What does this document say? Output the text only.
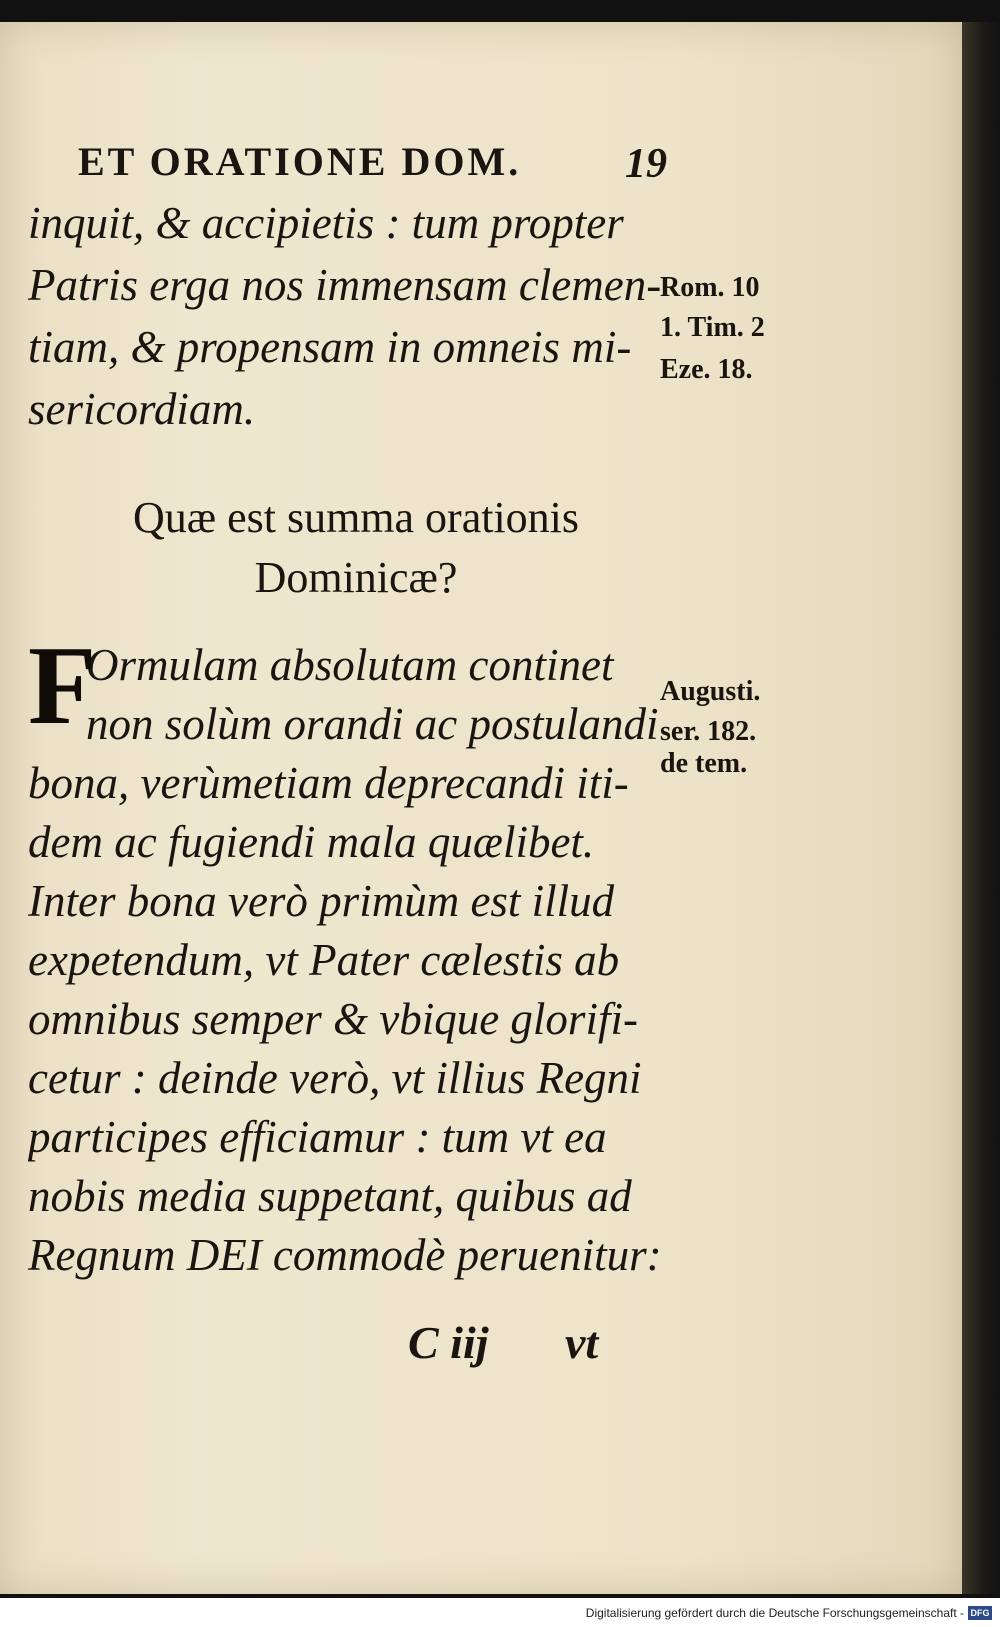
ET ORATIONE DOM. 19
inquit, & accipietis : tum propter
Patris erga nos immensam clemen-
tiam, & propensam in omneis mi-
sericordiam.
Quæ est summa orationis
Dominicæ?
F
Ormulam absolutam continet
non solùm orandi ac postulandi
bona, verùmetiam deprecandi iti-
dem ac fugiendi mala quælibet.
Inter bona verò primùm est illud
expetendum, vt Pater cælestis ab
omnibus semper & vbique glorifi-
cetur : deinde verò, vt illius Regni
participes efficiamur : tum vt ea
nobis media suppetant, quibus ad
Regnum DEI commodè peruenitur:
Rom. 10
1. Tim. 2
Eze. 18.
Augusti.
ser. 182.
de tem.
C iij vt
Digitalisierung gefördert durch die Deutsche Forschungsgemeinschaft - DFG
